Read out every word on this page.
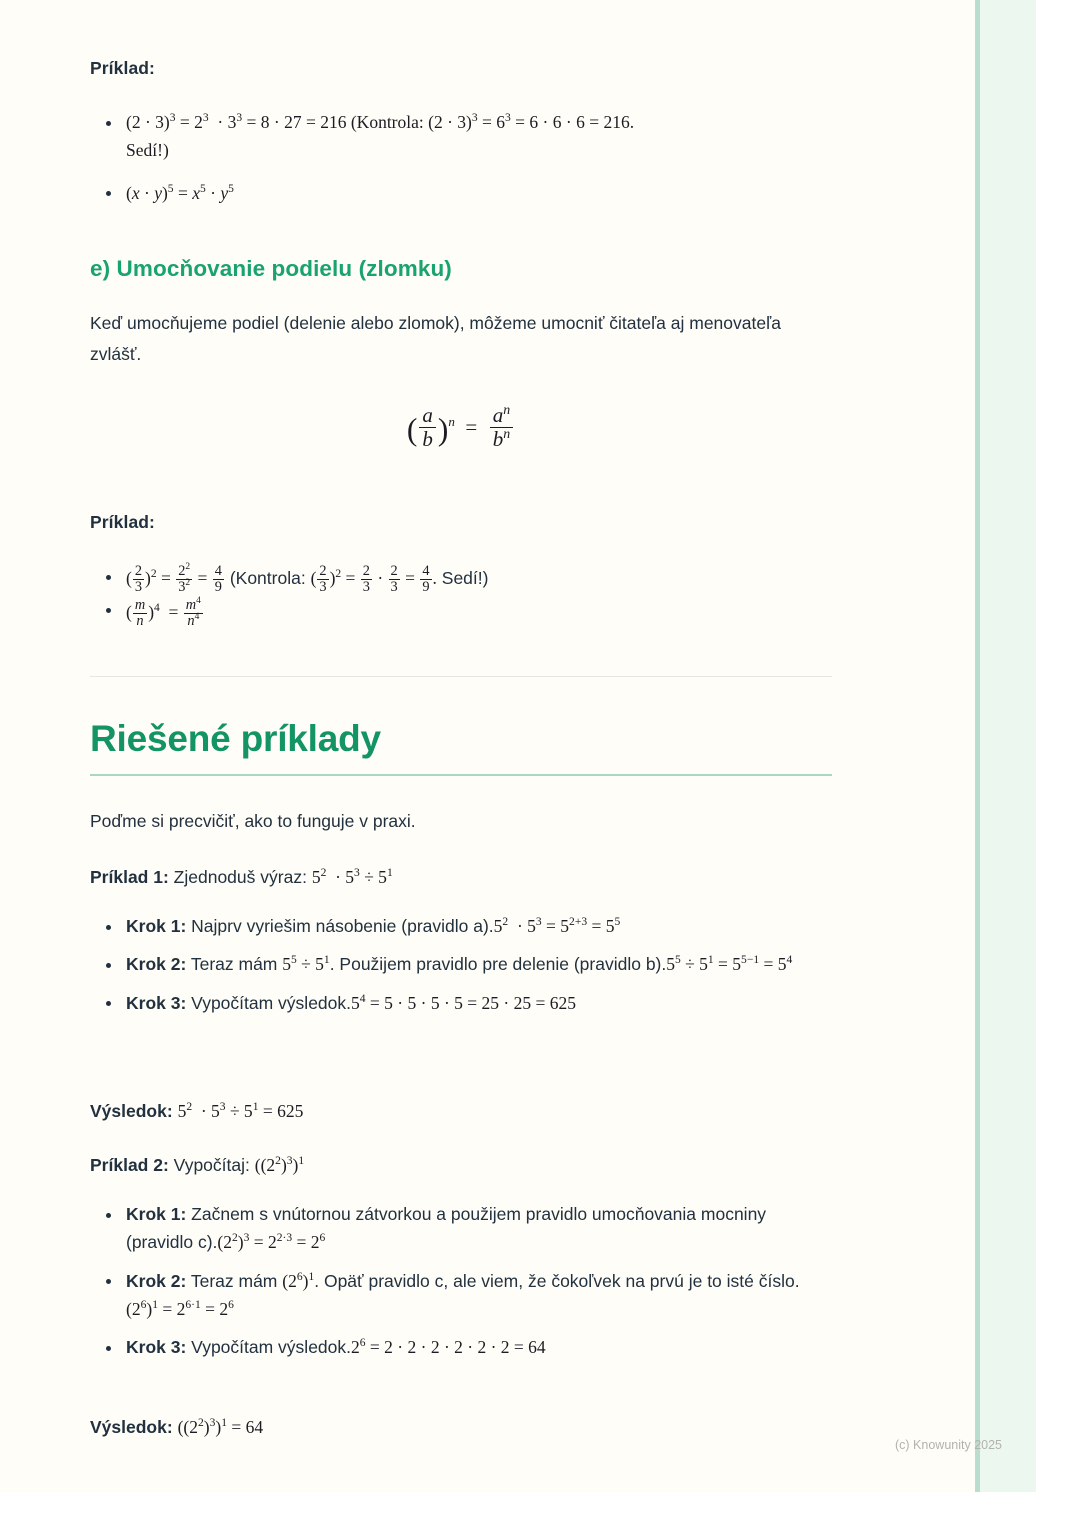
Príklad:

$(2 \cdot 3)^3 = 2^3 \cdot 3^3 = 8 \cdot 27 = 216$ (Kontrola: $(2 \cdot 3)^3 = 6^3 = 6 \cdot 6 \cdot 6 = 216$.
Sedí!)
$(x \cdot y)^5 = x^5 \cdot y^5$
e) Umocňovanie podielu (zlomku)

Keď umocňujeme podiel (delenie alebo zlomok), môžeme umocniť čitateľa aj menovateľa zvlášť.

( $\frac{a}{b} )^n = \frac{a^n}{b^n}$

Príklad:

( $\frac{2}{3} )^2 = \frac{2^2}{3^2} = \frac{4}{9}$ (Kontrola: ( $\frac{2}{3} )^2 = \frac{2}{3} \cdot \frac{2}{3} = \frac{4}{9}$ . Sedí!)
( $\frac{m}{n} )^4 = \frac{m^4}{n^4}$
Riešené príklady

Poďme si precvičiť, ako to funguje v praxi.

Príklad 1: Zjednoduš výraz: $5^2 \cdot 5^3 \div 5^1$

Krok 1: Najprv vyriešim násobenie (pravidlo $a).5^2 \cdot 5^3 = 5^{2+3} = 5^5$
Krok 2: Teraz mám $5^5 \div 5^1$. Použijem pravidlo pre delenie (pravidlo $b).5^5 \div 5^1 = 5^{5-1} = 5^4$
Krok 3: Vypočítam $výsledok.5^4 = 5 \cdot 5 \cdot 5 \cdot 5 = 25 \cdot 25 = 625$

Výsledok: $5^2 \cdot 5^3 \div 5^1 = 625$

Príklad 2: Vypočítaj: $((2^2)^3)^1$

Krok 1: Začnem s vnútornou zátvorkou a použijem pravidlo umocňovania mocniny (pravidlo $c).(2^2)^3 = 2^{2\cdot 3} = 2^6$
Krok 2: Teraz mám $(2^6)^1$. Opäť pravidlo c, ale viem, že čokoľvek na prvú je to isté $číslo.(2^6)^1 = 2^{6\cdot 1} = 2^6$
Krok 3: Vypočítam $výsledok.2^6 = 2 \cdot 2 \cdot 2 \cdot 2 \cdot 2 \cdot 2 = 64$

Výsledok: $((2^2)^3)^1 = 64$

(c) Knowunity 2025
